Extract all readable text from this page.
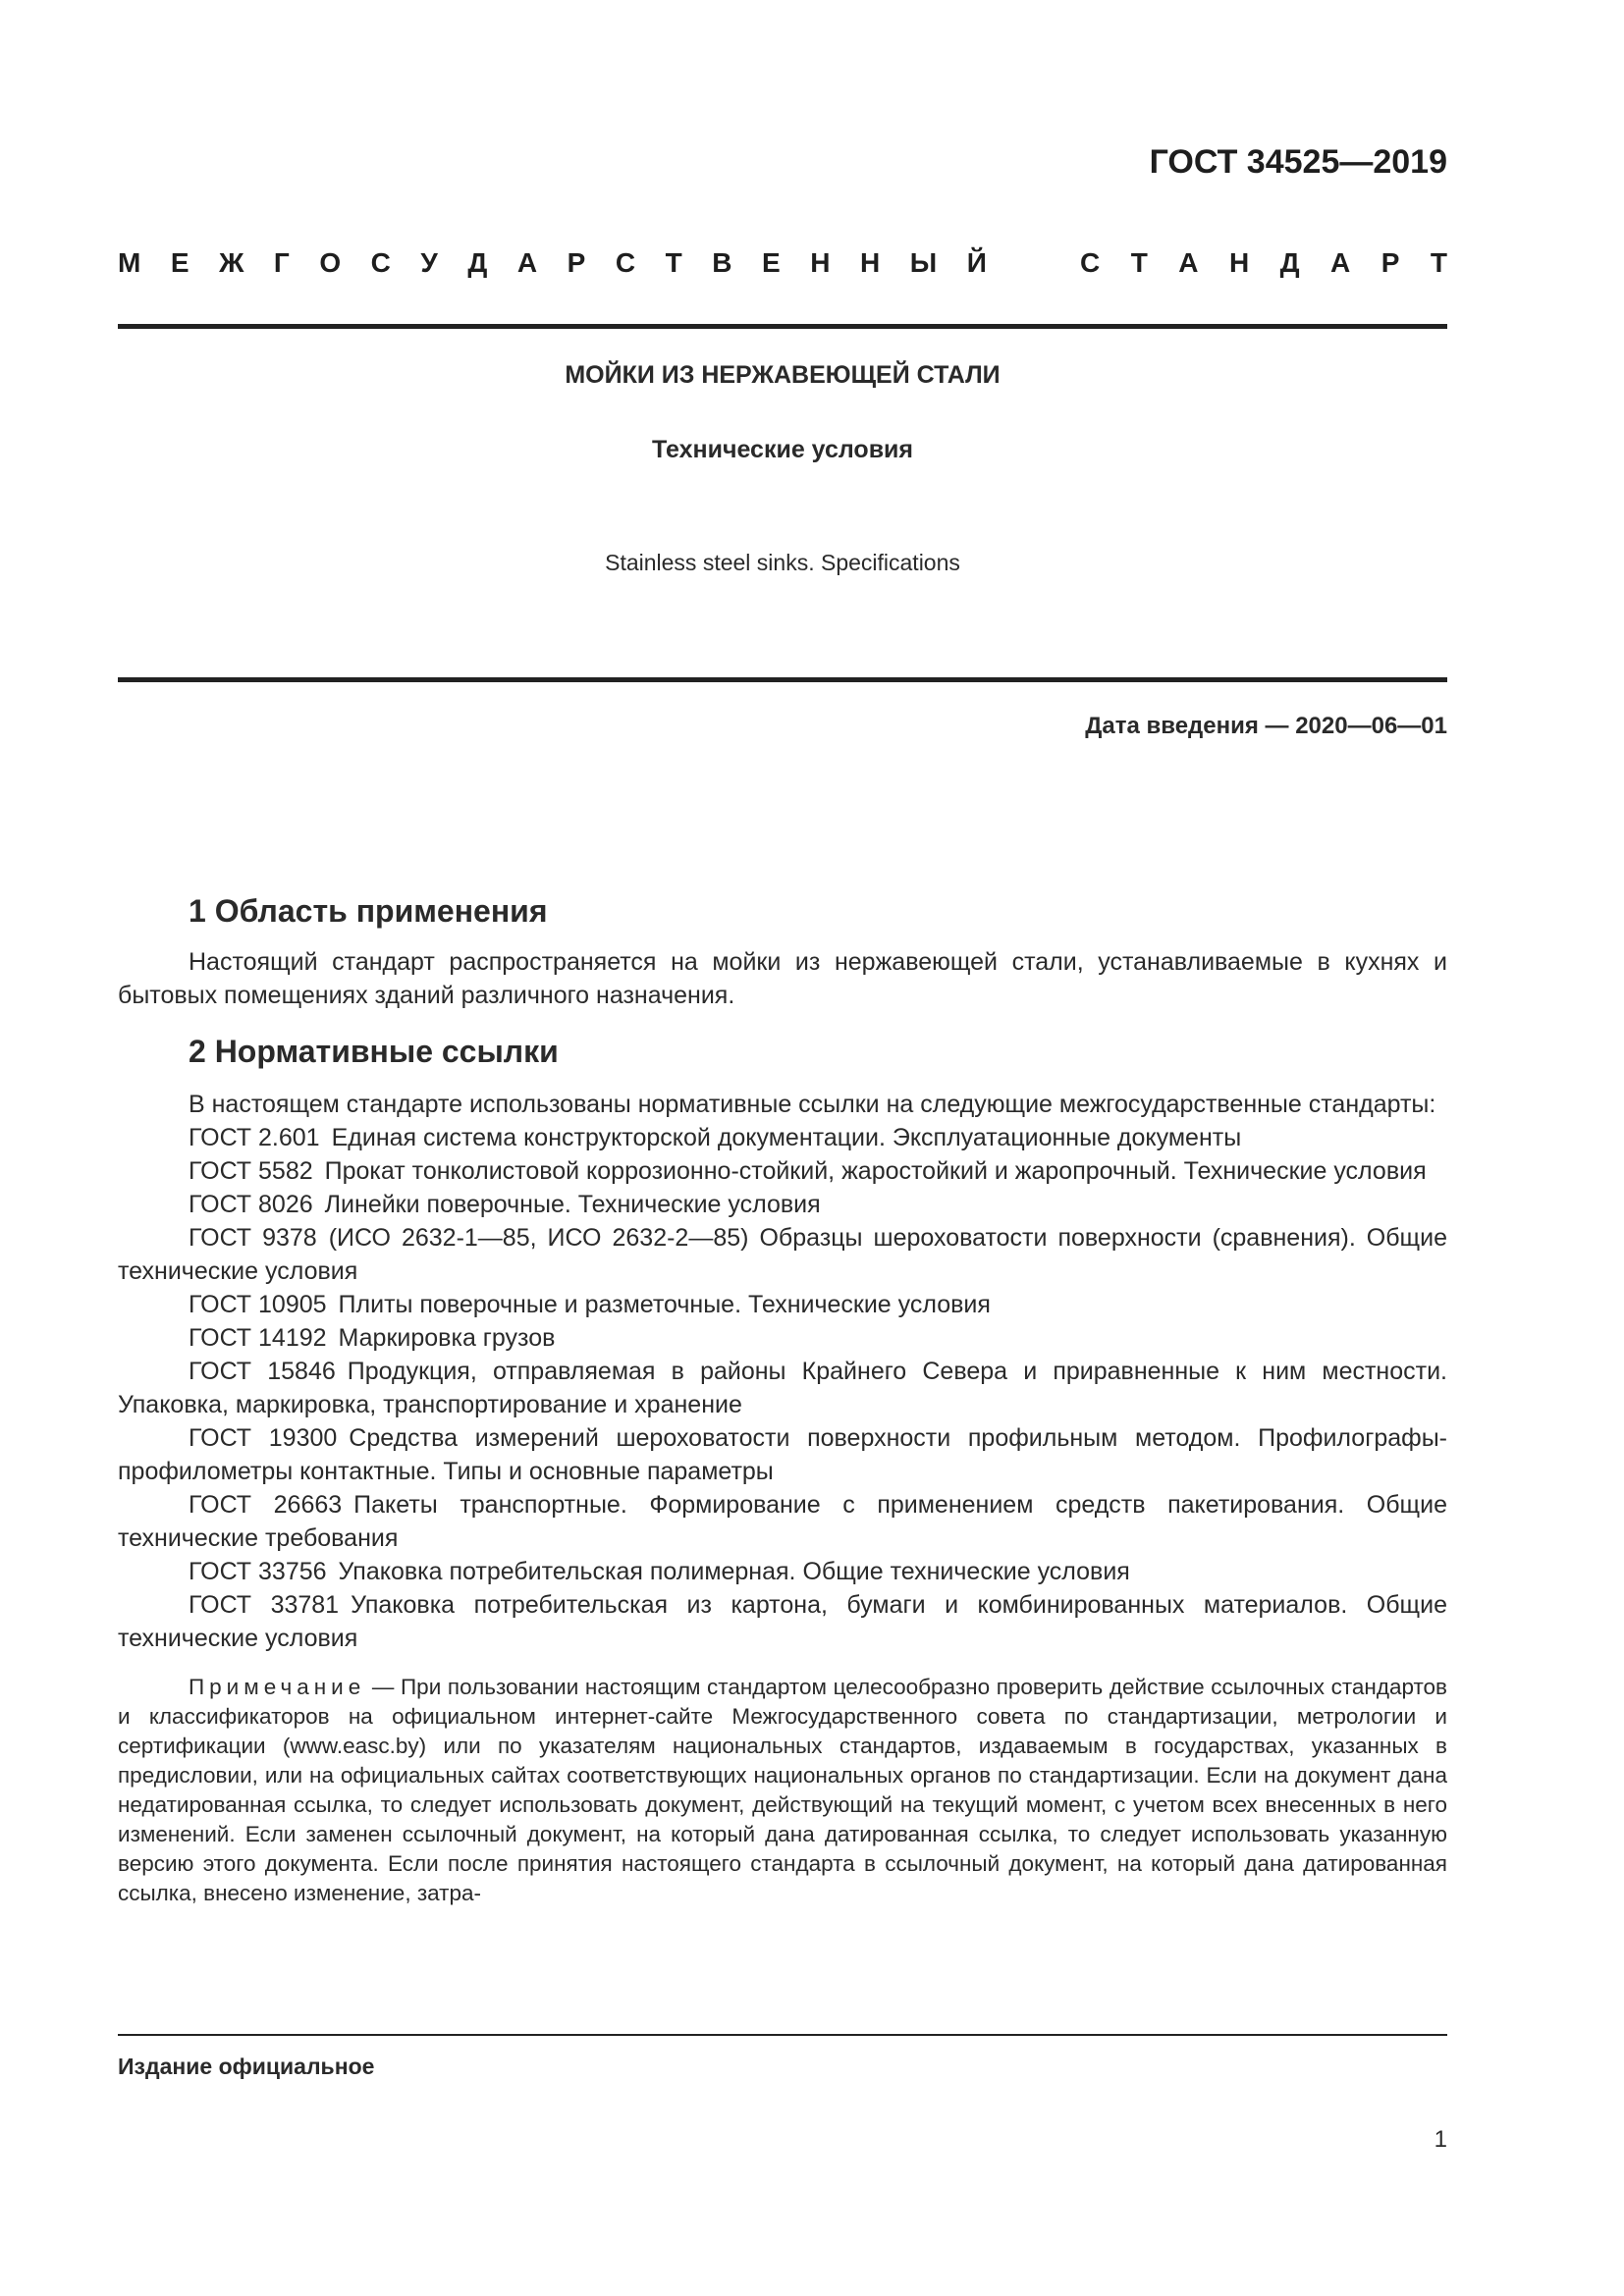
ГОСТ 34525—2019
М Е Ж Г О С У Д А Р С Т В Е Н Н Ы Й	С Т А Н Д А Р Т
МОЙКИ ИЗ НЕРЖАВЕЮЩЕЙ СТАЛИ
Технические условия
Stainless steel sinks. Specifications
Дата введения — 2020—06—01
1 Область применения

Настоящий стандарт распространяется на мойки из нержавеющей стали, устанавливаемые в кухнях и бытовых помещениях зданий различного назначения.

2 Нормативные ссылки

В настоящем стандарте использованы нормативные ссылки на следующие межгосударственные стандарты:

ГОСТ 2.601 Единая система конструкторской документации. Эксплуатационные документы

ГОСТ 5582 Прокат тонколистовой коррозионно-стойкий, жаростойкий и жаропрочный. Технические условия

ГОСТ 8026 Линейки поверочные. Технические условия

ГОСТ 9378 (ИСО 2632-1—85, ИСО 2632-2—85) Образцы шероховатости поверхности (сравнения). Общие технические условия

ГОСТ 10905 Плиты поверочные и разметочные. Технические условия

ГОСТ 14192 Маркировка грузов

ГОСТ 15846 Продукция, отправляемая в районы Крайнего Севера и приравненные к ним местности. Упаковка, маркировка, транспортирование и хранение

ГОСТ 19300 Средства измерений шероховатости поверхности профильным методом. Профилографы-профилометры контактные. Типы и основные параметры

ГОСТ 26663 Пакеты транспортные. Формирование с применением средств пакетирования. Общие технические требования

ГОСТ 33756 Упаковка потребительская полимерная. Общие технические условия

ГОСТ 33781 Упаковка потребительская из картона, бумаги и комбинированных материалов. Общие технические условия

Примечание — При пользовании настоящим стандартом целесообразно проверить действие ссылочных стандартов и классификаторов на официальном интернет-сайте Межгосударственного совета по стандартизации, метрологии и сертификации (www.easc.by) или по указателям национальных стандартов, издаваемым в государствах, указанных в предисловии, или на официальных сайтах соответствующих национальных органов по стандартизации. Если на документ дана недатированная ссылка, то следует использовать документ, действующий на текущий момент, с учетом всех внесенных в него изменений. Если заменен ссылочный документ, на который дана датированная ссылка, то следует использовать указанную версию этого документа. Если после принятия настоящего стандарта в ссылочный документ, на который дана датированная ссылка, внесено изменение, затра-

Издание официальное
1
